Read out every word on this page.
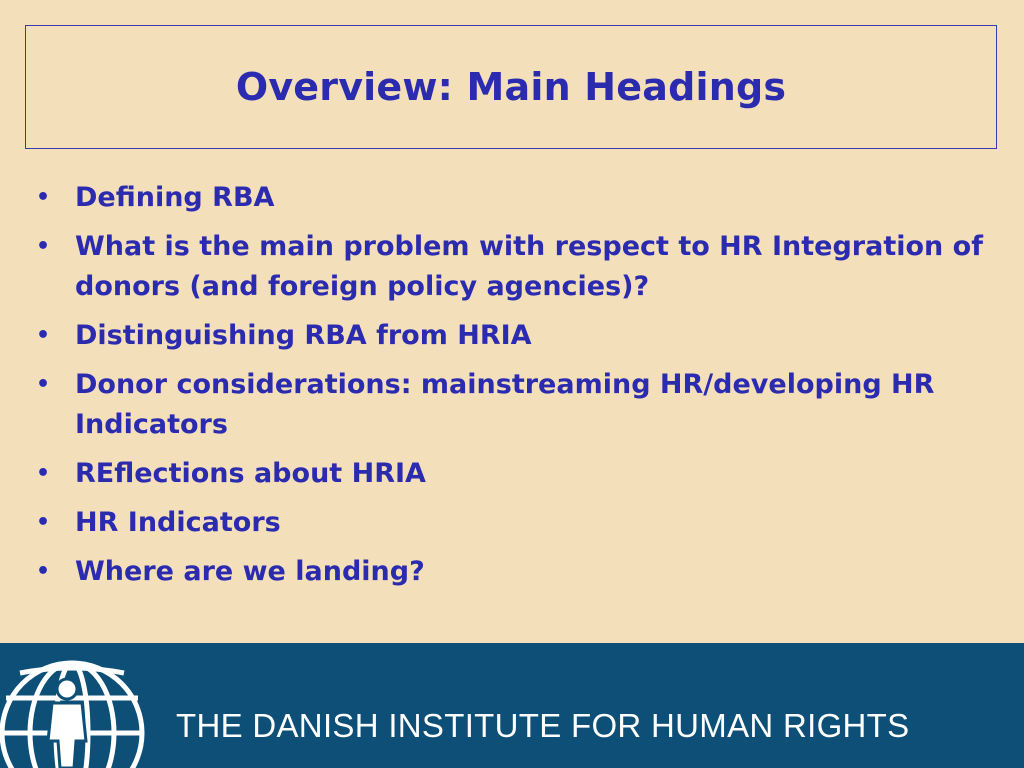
Overview: Main Headings
• Defining RBA
• What is the main problem with respect to HR Integration of donors (and foreign policy agencies)?
• Distinguishing RBA from HRIA
• Donor considerations: mainstreaming HR/developing HR Indicators
• REflections about HRIA
• HR Indicators
• Where are we landing?
THE DANISH INSTITUTE FOR HUMAN RIGHTS
